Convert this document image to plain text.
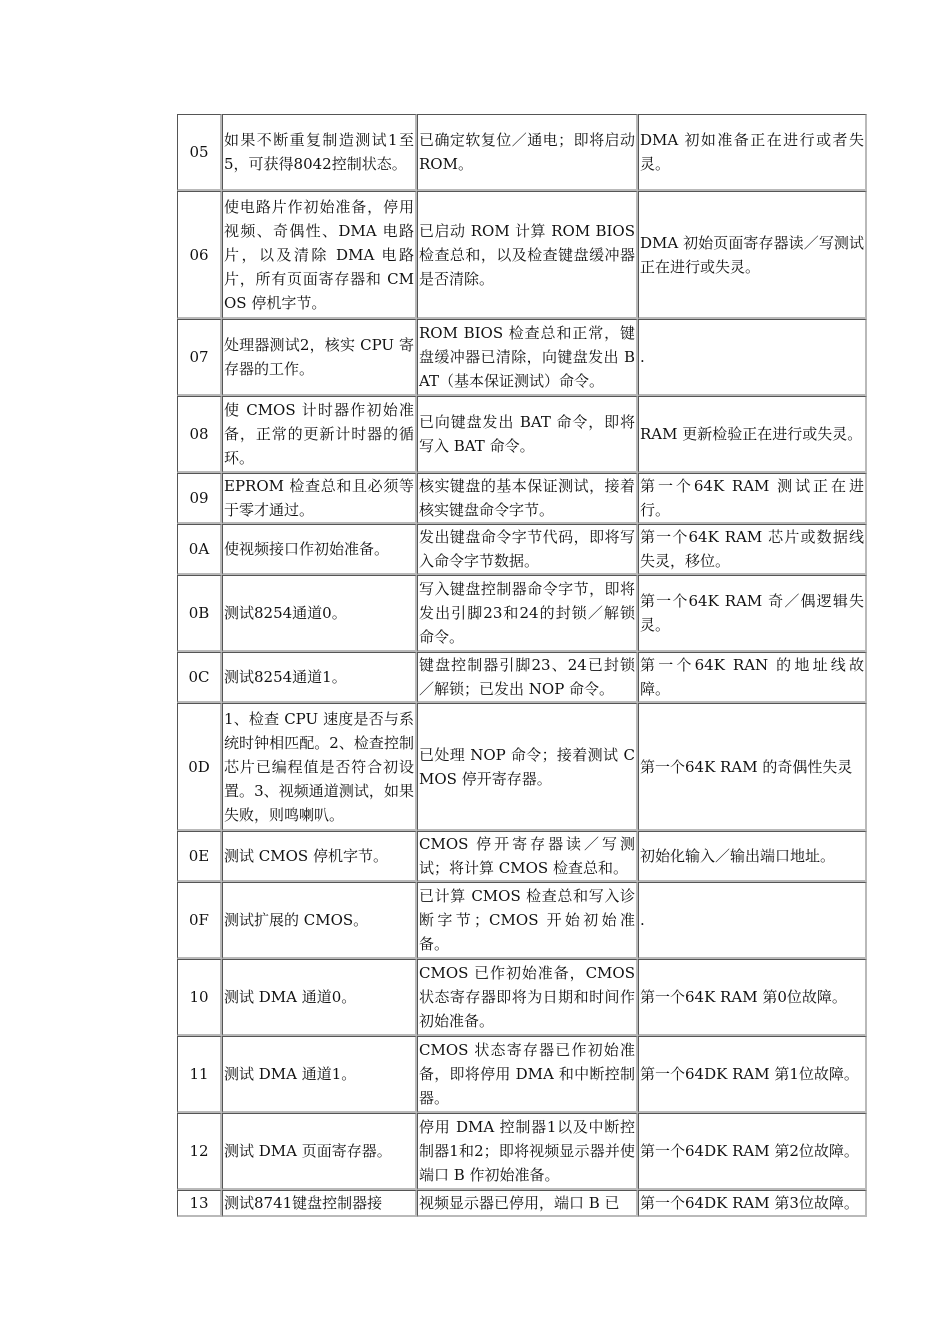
05	如果不断重复制造测试1至5，可获得8042控制状态。	已确定软复位／通电；即将启动 ROM。	DMA 初如准备正在进行或者失灵。
06	使电路片作初始准备，停用视频、奇偶性、DMA 电路片，以及清除 DMA 电路片，所有页面寄存器和 CMOS 停机字节。	已启动 ROM 计算 ROM BIOS 检查总和，以及检查键盘缓冲器是否清除。	DMA 初始页面寄存器读／写测试正在进行或失灵。
07	处理器测试2，核实 CPU 寄存器的工作。	ROM BIOS 检查总和正常，键盘缓冲器已清除，向键盘发出 BAT（基本保证测试）命令。	.
08	使 CMOS 计时器作初始准备，正常的更新计时器的循环。	已向键盘发出 BAT 命令，即将写入 BAT 命令。	RAM 更新检验正在进行或失灵。
09	EPROM 检查总和且必须等于零才通过。	核实键盘的基本保证测试，接着核实键盘命令字节。	第一个64K RAM 测试正在进行。
0A	使视频接口作初始准备。	发出键盘命令字节代码，即将写入命令字节数据。	第一个64K RAM 芯片或数据线失灵，移位。
0B	测试8254通道0。	写入键盘控制器命令字节，即将发出引脚23和24的封锁／解锁命令。	第一个64K RAM 奇／偶逻辑失灵。
0C	测试8254通道1。	键盘控制器引脚23、24已封锁／解锁；已发出 NOP 命令。	第一个64K RAN 的地址线故障。
0D	1、检查 CPU 速度是否与系统时钟相匹配。2、检查控制芯片已编程值是否符合初设置。3、视频通道测试，如果失败，则鸣喇叭。	已处理 NOP 命令；接着测试 CMOS 停开寄存器。	第一个64K RAM 的奇偶性失灵
0E	测试 CMOS 停机字节。	CMOS 停开寄存器读／写测试；将计算 CMOS 检查总和。	初始化输入／输出端口地址。
0F	测试扩展的 CMOS。	已计算 CMOS 检查总和写入诊断字节；CMOS 开始初始准备。	.
10	测试 DMA 通道0。	CMOS 已作初始准备，CMOS 状态寄存器即将为日期和时间作初始准备。	第一个64K RAM 第0位故障。
11	测试 DMA 通道1。	CMOS 状态寄存器已作初始准备，即将停用 DMA 和中断控制器。	第一个64DK RAM 第1位故障。
12	测试 DMA 页面寄存器。	停用 DMA 控制器1以及中断控制器1和2；即将视频显示器并使端口 B 作初始准备。	第一个64DK RAM 第2位故障。
13	测试8741键盘控制器接	视频显示器已停用，端口 B 已	第一个64DK RAM 第3位故障。
